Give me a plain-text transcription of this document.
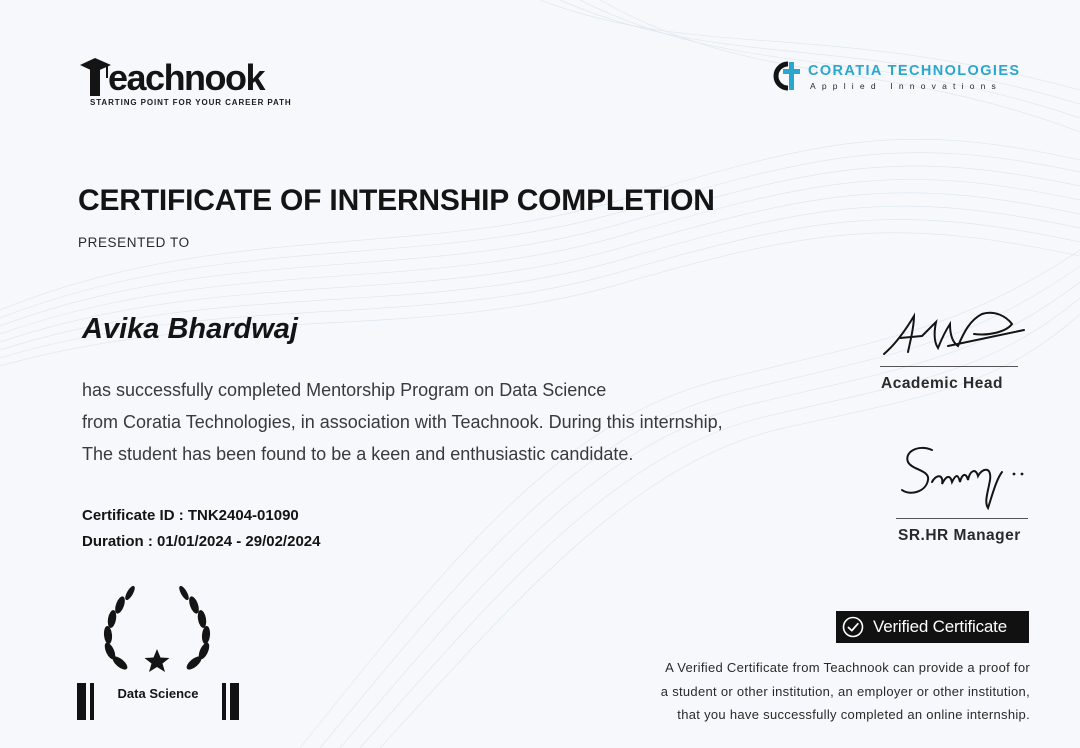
eachnook
STARTING POINT FOR YOUR CAREER PATH
CORATIA TECHNOLOGIES
Applied Innovations
CERTIFICATE OF INTERNSHIP COMPLETION
PRESENTED TO
Avika Bhardwaj
has successfully completed Mentorship Program on Data Science
from Coratia Technologies, in association with Teachnook. During this internship,
The student has been found to be a keen and enthusiastic candidate.
Certificate ID : TNK2404-01090
Duration : 01/01/2024 - 29/02/2024
Academic Head
SR.HR Manager
Data Science
Verified Certificate
A Verified Certificate from Teachnook can provide a proof for
a student or other institution, an employer or other institution,
that you have successfully completed an online internship.
